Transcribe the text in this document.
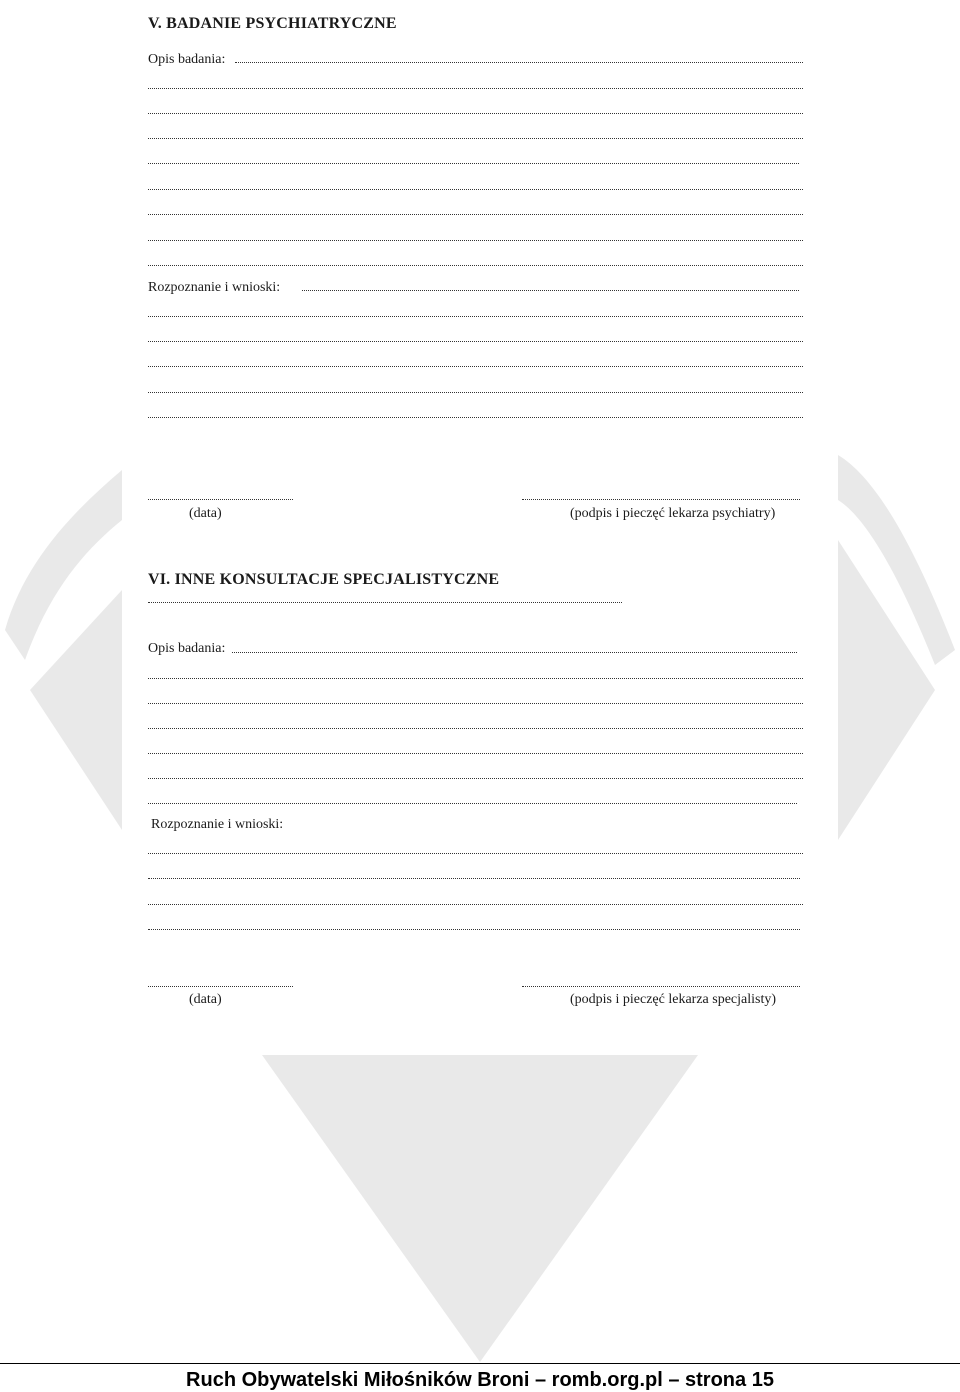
V. BADANIE PSYCHIATRYCZNE
Opis badania:
Rozpoznanie i wnioski:
(data)	(podpis i pieczęć lekarza psychiatry)
VI. INNE KONSULTACJE SPECJALISTYCZNE
Opis badania:
Rozpoznanie i wnioski:
(data)	(podpis i pieczęć lekarza specjalisty)
Ruch Obywatelski Miłośników Broni – romb.org.pl – strona 15
